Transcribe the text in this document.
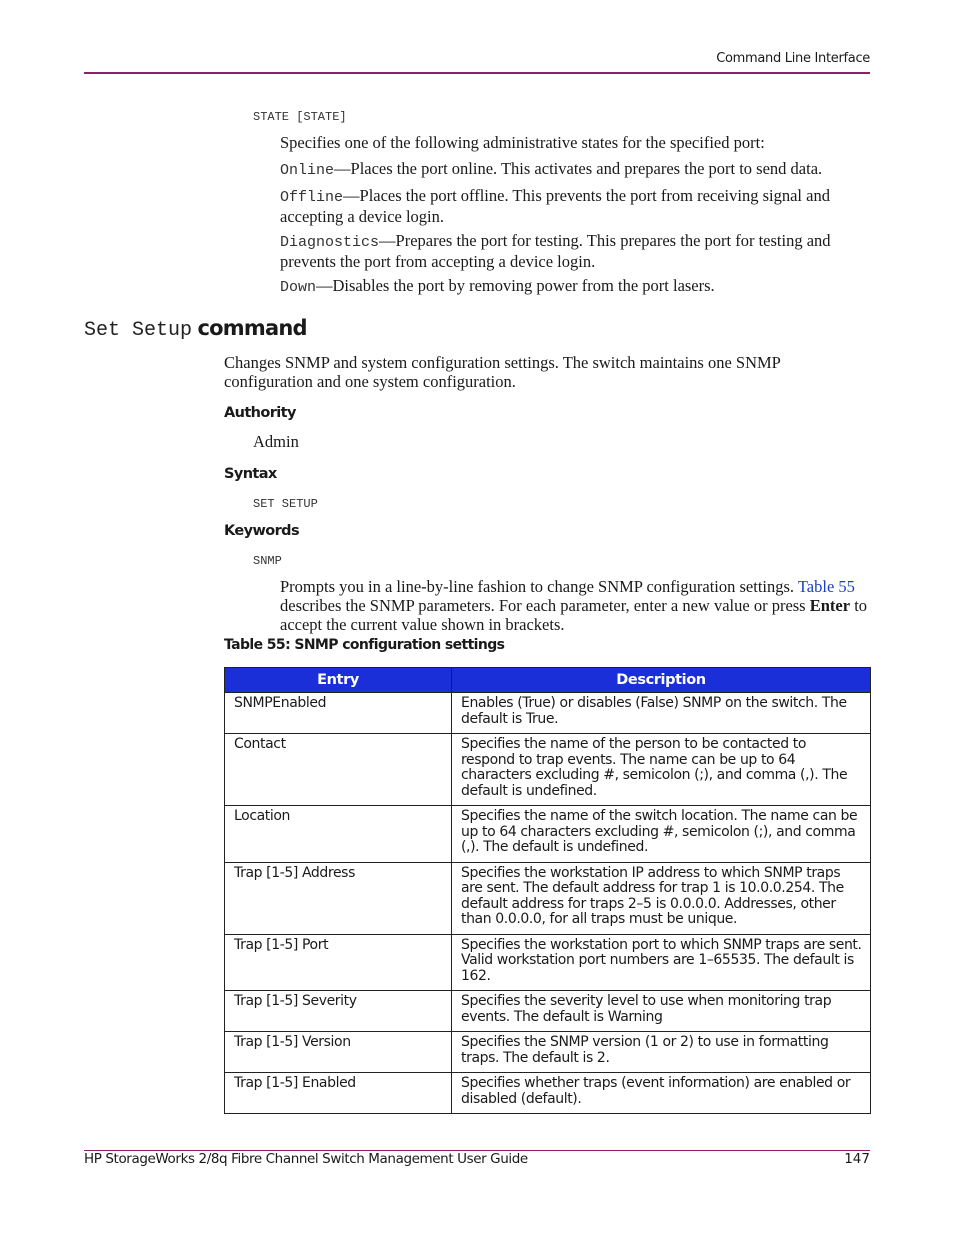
Command Line Interface
STATE [STATE]
Specifies one of the following administrative states for the specified port:
Online—Places the port online. This activates and prepares the port to send data.
Offline—Places the port offline. This prevents the port from receiving signal and accepting a device login.
Diagnostics—Prepares the port for testing. This prepares the port for testing and prevents the port from accepting a device login.
Down—Disables the port by removing power from the port lasers.
Set Setup command
Changes SNMP and system configuration settings. The switch maintains one SNMP configuration and one system configuration.
Authority
Admin
Syntax
SET SETUP
Keywords
SNMP
Prompts you in a line-by-line fashion to change SNMP configuration settings. Table 55 describes the SNMP parameters. For each parameter, enter a new value or press Enter to accept the current value shown in brackets.
Table 55: SNMP configuration settings
Entry	Description
SNMPEnabled	Enables (True) or disables (False) SNMP on the switch. The default is True.
Contact	Specifies the name of the person to be contacted to respond to trap events. The name can be up to 64 characters excluding #, semicolon (;), and comma (,). The default is undefined.
Location	Specifies the name of the switch location. The name can be up to 64 characters excluding #, semicolon (;), and comma (,). The default is undefined.
Trap [1-5] Address	Specifies the workstation IP address to which SNMP traps are sent. The default address for trap 1 is 10.0.0.254. The default address for traps 2–5 is 0.0.0.0. Addresses, other than 0.0.0.0, for all traps must be unique.
Trap [1-5] Port	Specifies the workstation port to which SNMP traps are sent. Valid workstation port numbers are 1–65535. The default is 162.
Trap [1-5] Severity	Specifies the severity level to use when monitoring trap events. The default is Warning
Trap [1-5] Version	Specifies the SNMP version (1 or 2) to use in formatting traps. The default is 2.
Trap [1-5] Enabled	Specifies whether traps (event information) are enabled or disabled (default).
HP StorageWorks 2/8q Fibre Channel Switch Management User Guide	147
